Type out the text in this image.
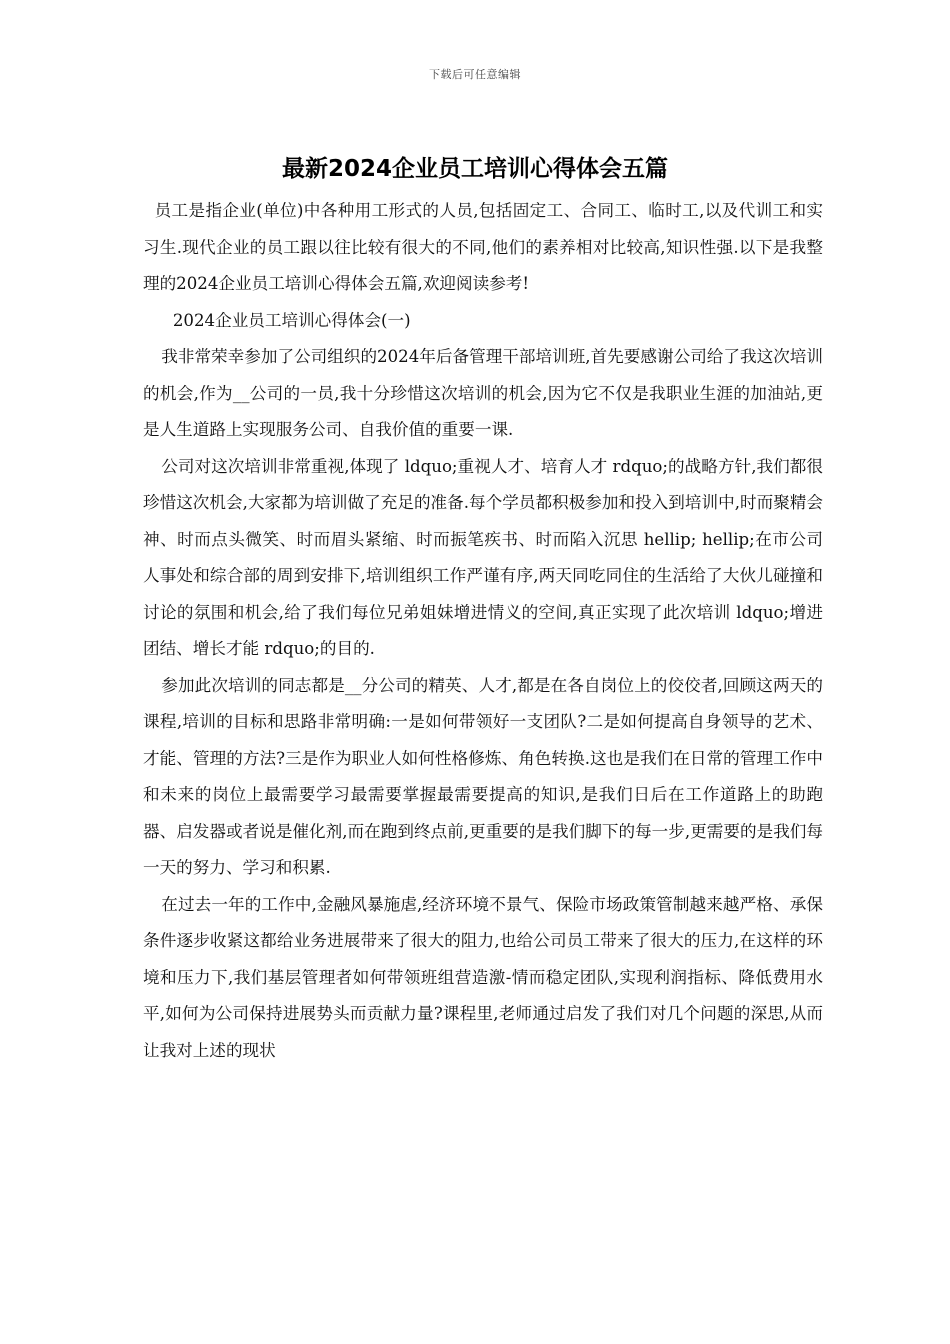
下载后可任意编辑
最新2024企业员工培训心得体会五篇

员工是指企业(单位)中各种用工形式的人员,包括固定工、合同工、临时工,以及代训工和实习生.现代企业的员工跟以往比较有很大的不同,他们的素养相对比较高,知识性强.以下是我整理的2024企业员工培训心得体会五篇,欢迎阅读参考!

2024企业员工培训心得体会(一)

我非常荣幸参加了公司组织的2024年后备管理干部培训班,首先要感谢公司给了我这次培训的机会,作为__公司的一员,我十分珍惜这次培训的机会,因为它不仅是我职业生涯的加油站,更是人生道路上实现服务公司、自我价值的重要一课.

公司对这次培训非常重视,体现了 ldquo;重视人才、培育人才 rdquo;的战略方针,我们都很珍惜这次机会,大家都为培训做了充足的准备.每个学员都积极参加和投入到培训中,时而聚精会神、时而点头微笑、时而眉头紧缩、时而振笔疾书、时而陷入沉思 hellip; hellip;在市公司人事处和综合部的周到安排下,培训组织工作严谨有序,两天同吃同住的生活给了大伙儿碰撞和讨论的氛围和机会,给了我们每位兄弟姐妹增进情义的空间,真正实现了此次培训 ldquo;增进团结、增长才能 rdquo;的目的.

参加此次培训的同志都是__分公司的精英、人才,都是在各自岗位上的佼佼者,回顾这两天的课程,培训的目标和思路非常明确:一是如何带领好一支团队?二是如何提高自身领导的艺术、才能、管理的方法?三是作为职业人如何性格修炼、角色转换.这也是我们在日常的管理工作中和未来的岗位上最需要学习最需要掌握最需要提高的知识,是我们日后在工作道路上的助跑器、启发器或者说是催化剂,而在跑到终点前,更重要的是我们脚下的每一步,更需要的是我们每一天的努力、学习和积累.

在过去一年的工作中,金融风暴施虐,经济环境不景气、保险市场政策管制越来越严格、承保条件逐步收紧这都给业务进展带来了很大的阻力,也给公司员工带来了很大的压力,在这样的环境和压力下,我们基层管理者如何带领班组营造激-情而稳定团队,实现利润指标、降低费用水平,如何为公司保持进展势头而贡献力量?课程里,老师通过启发了我们对几个问题的深思,从而让我对上述的现状
